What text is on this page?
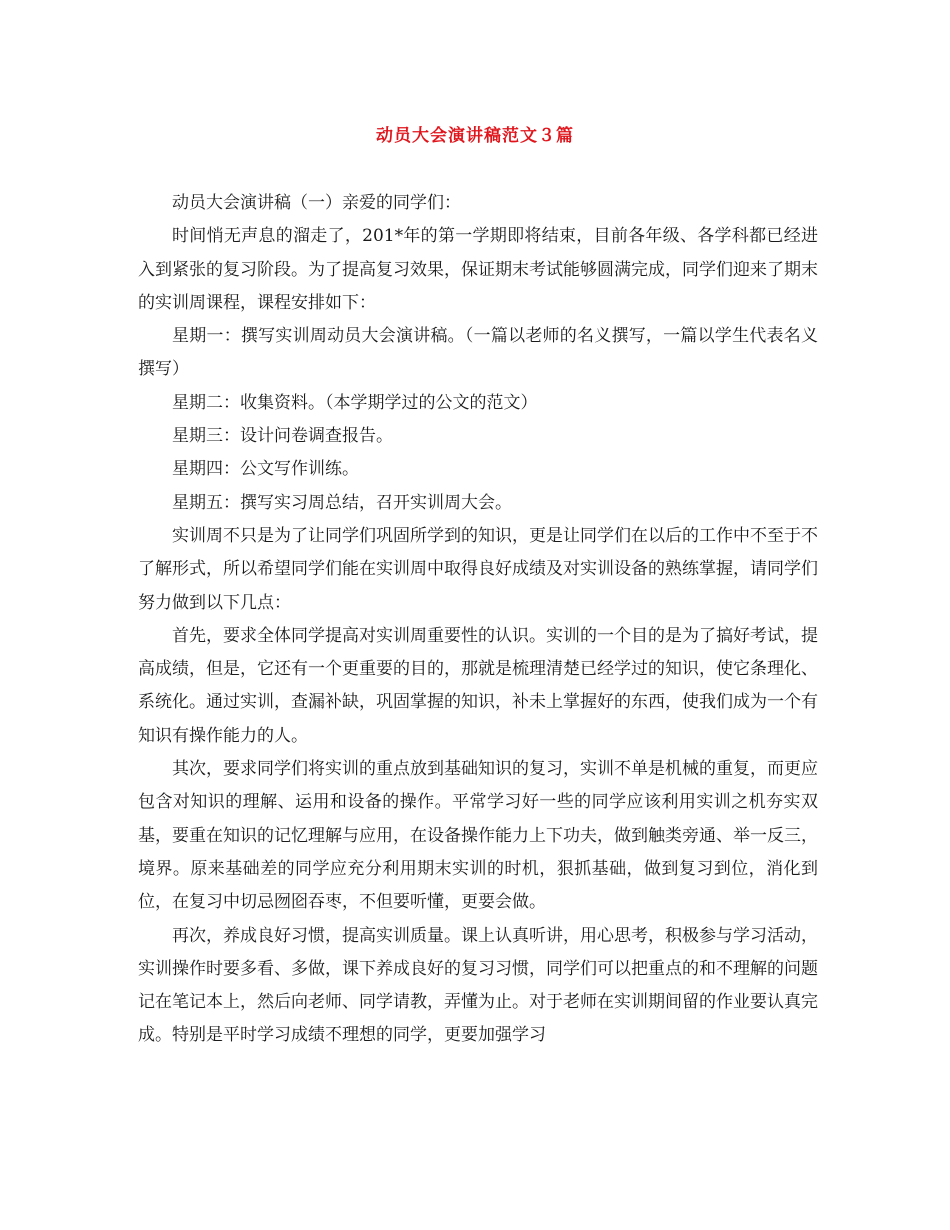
动员大会演讲稿范文３篇

动员大会演讲稿（一）亲爱的同学们：

时间悄无声息的溜走了，201*年的第一学期即将结束，目前各年级、各学科都已经进入到紧张的复习阶段。为了提高复习效果，保证期末考试能够圆满完成，同学们迎来了期末的实训周课程，课程安排如下：

星期一：撰写实训周动员大会演讲稿。（一篇以老师的名义撰写，一篇以学生代表名义撰写）

星期二：收集资料。（本学期学过的公文的范文）

星期三：设计问卷调查报告。

星期四：公文写作训练。

星期五：撰写实习周总结，召开实训周大会。

实训周不只是为了让同学们巩固所学到的知识，更是让同学们在以后的工作中不至于不了解形式，所以希望同学们能在实训周中取得良好成绩及对实训设备的熟练掌握，请同学们努力做到以下几点：

首先，要求全体同学提高对实训周重要性的认识。实训的一个目的是为了搞好考试，提高成绩，但是，它还有一个更重要的目的，那就是梳理清楚已经学过的知识，使它条理化、系统化。通过实训，查漏补缺，巩固掌握的知识，补未上掌握好的东西，使我们成为一个有知识有操作能力的人。

其次，要求同学们将实训的重点放到基础知识的复习，实训不单是机械的重复，而更应包含对知识的理解、运用和设备的操作。平常学习好一些的同学应该利用实训之机夯实双基，要重在知识的记忆理解与应用，在设备操作能力上下功夫，做到触类旁通、举一反三，境界。原来基础差的同学应充分利用期末实训的时机，狠抓基础，做到复习到位，消化到位，在复习中切忌囫囵吞枣，不但要听懂，更要会做。

再次，养成良好习惯，提高实训质量。课上认真听讲，用心思考，积极参与学习活动，实训操作时要多看、多做，课下养成良好的复习习惯，同学们可以把重点的和不理解的问题记在笔记本上，然后向老师、同学请教，弄懂为止。对于老师在实训期间留的作业要认真完成。特别是平时学习成绩不理想的同学，更要加强学习
